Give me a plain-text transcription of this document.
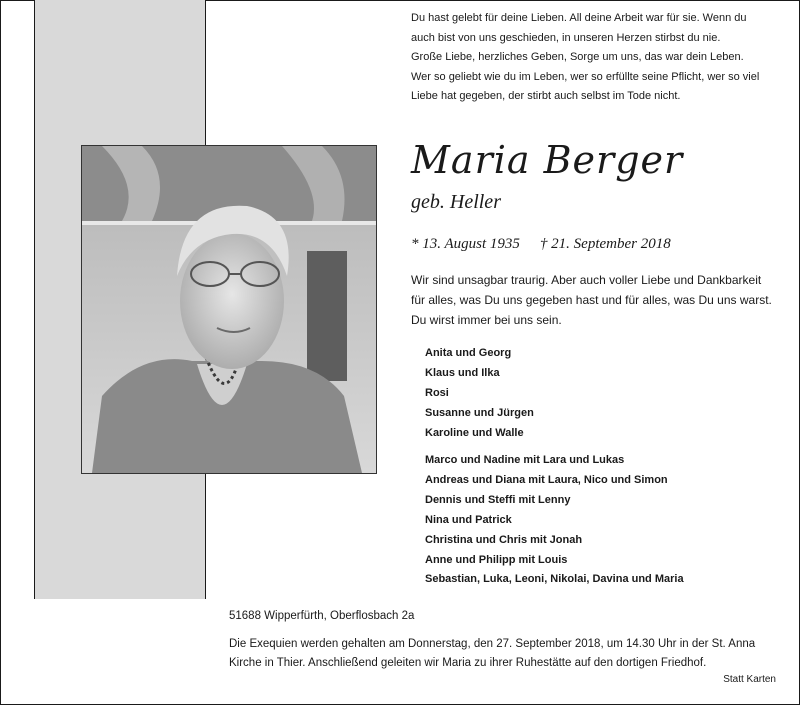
Du hast gelebt für deine Lieben. All deine Arbeit war für sie. Wenn du
auch bist von uns geschieden, in unseren Herzen stirbst du nie.
Große Liebe, herzliches Geben, Sorge um uns, das war dein Leben.
Wer so geliebt wie du im Leben, wer so erfüllte seine Pflicht, wer so viel
Liebe hat gegeben, der stirbt auch selbst im Tode nicht.
Maria Berger
geb. Heller
* 13. August 1935 † 21. September 2018
Wir sind unsagbar traurig. Aber auch voller Liebe und Dankbarkeit
für alles, was Du uns gegeben hast und für alles, was Du uns warst.
Du wirst immer bei uns sein.
Anita und Georg
Klaus und Ilka
Rosi
Susanne und Jürgen
Karoline und Walle
Marco und Nadine mit Lara und Lukas
Andreas und Diana mit Laura, Nico und Simon
Dennis und Steffi mit Lenny
Nina und Patrick
Christina und Chris mit Jonah
Anne und Philipp mit Louis
Sebastian, Luka, Leoni, Nikolai, Davina und Maria
51688 Wipperfürth, Oberflosbach 2a
Die Exequien werden gehalten am Donnerstag, den 27. September 2018, um 14.30 Uhr in der St. Anna
Kirche in Thier. Anschließend geleiten wir Maria zu ihrer Ruhestätte auf den dortigen Friedhof.
Statt Karten
